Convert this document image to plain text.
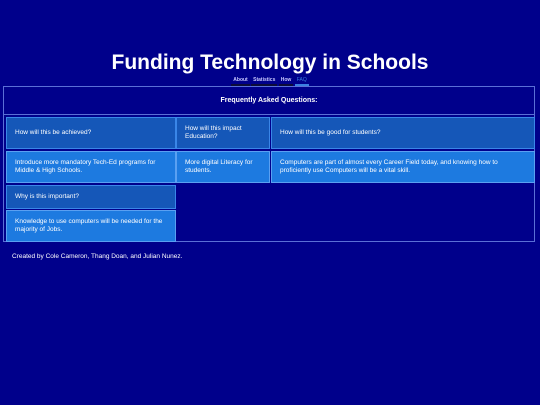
Funding Technology in Schools
About Statistics How FAQ
Frequently Asked Questions:
How will this be achieved?
Introduce more mandatory Tech-Ed programs for Middle & High Schools.
How will this impact Education?
More digital Literacy for students.
How will this be good for students?
Computers are part of almost every Career Field today, and knowing how to proficiently use Computers will be a vital skill.
Why is this important?
Knowledge to use computers will be needed for the majority of Jobs.
Created by Cole Cameron, Thang Doan, and Julian Nunez.
